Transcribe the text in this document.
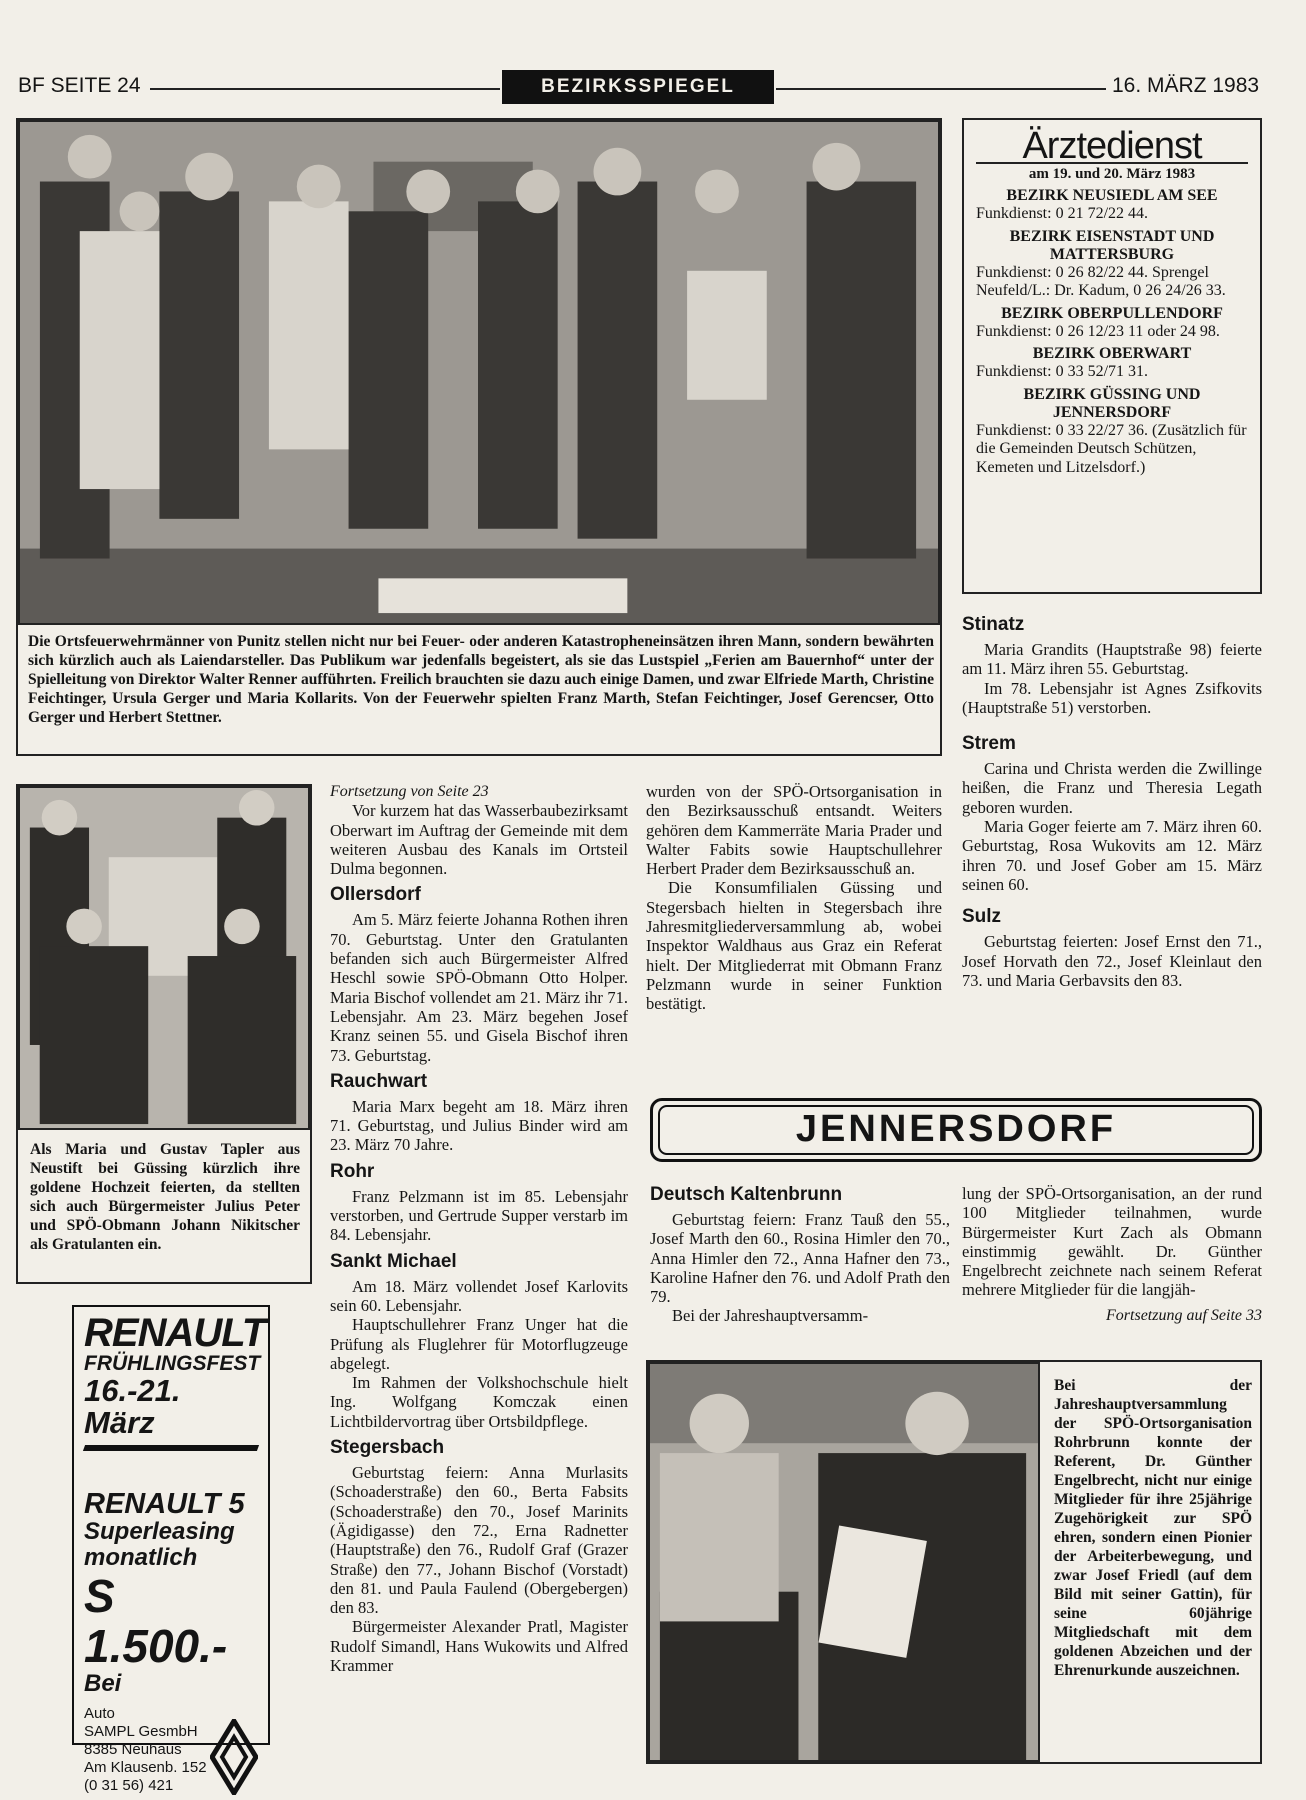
BF SEITE 24	BEZIRKSSPIEGEL	16. MÄRZ 1983
Die Ortsfeuerwehrmänner von Punitz stellen nicht nur bei Feuer- oder anderen Katastropheneinsätzen ihren Mann, sondern bewährten sich kürzlich auch als Laiendarsteller. Das Publikum war jedenfalls begeistert, als sie das Lustspiel „Ferien am Bauernhof“ unter der Spielleitung von Direktor Walter Renner aufführten. Freilich brauchten sie dazu auch einige Damen, und zwar Elfriede Marth, Christine Feichtinger, Ursula Gerger und Maria Kollarits. Von der Feuerwehr spielten Franz Marth, Stefan Feichtinger, Josef Gerencser, Otto Gerger und Herbert Stettner.
Ärztedienst
am 19. und 20. März 1983
BEZIRK NEUSIEDL AM SEE
Funkdienst: 0 21 72/22 44.
BEZIRK EISENSTADT UND MATTERSBURG
Funkdienst: 0 26 82/22 44. Sprengel Neufeld/L.: Dr. Kadum, 0 26 24/26 33.
BEZIRK OBERPULLENDORF
Funkdienst: 0 26 12/23 11 oder 24 98.
BEZIRK OBERWART
Funkdienst: 0 33 52/71 31.
BEZIRK GÜSSING UND JENNERSDORF
Funkdienst: 0 33 22/27 36. (Zusätzlich für die Gemeinden Deutsch Schützen, Kemeten und Litzelsdorf.)
Stinatz

Maria Grandits (Hauptstraße 98) feierte am 11. März ihren 55. Geburtstag.

Im 78. Lebensjahr ist Agnes Zsifkovits (Hauptstraße 51) verstorben.

Strem

Carina und Christa werden die Zwillinge heißen, die Franz und Theresia Legath geboren wurden.

Maria Goger feierte am 7. März ihren 60. Geburtstag, Rosa Wukovits am 12. März ihren 70. und Josef Gober am 15. März seinen 60.

Sulz

Geburtstag feierten: Josef Ernst den 71., Josef Horvath den 72., Josef Kleinlaut den 73. und Maria Gerbavsits den 83.

Als Maria und Gustav Tapler aus Neustift bei Güssing kürzlich ihre goldene Hochzeit feierten, da stellten sich auch Bürgermeister Julius Peter und SPÖ-Obmann Johann Nikitscher als Gratulanten ein.
RENAULT
FRÜHLINGSFEST
16.-21. März
RENAULT 5
Superleasing
monatlich
S 1.500.-
Bei
Auto
SAMPL GesmbH
8385 Neuhaus
Am Klausenb. 152
(0 31 56) 421

Fortsetzung von Seite 23

Vor kurzem hat das Wasserbaubezirksamt Oberwart im Auftrag der Gemeinde mit dem weiteren Ausbau des Kanals im Ortsteil Dulma begonnen.

Ollersdorf

Am 5. März feierte Johanna Rothen ihren 70. Geburtstag. Unter den Gratulanten befanden sich auch Bürgermeister Alfred Heschl sowie SPÖ-Obmann Otto Holper. Maria Bischof vollendet am 21. März ihr 71. Lebensjahr. Am 23. März begehen Josef Kranz seinen 55. und Gisela Bischof ihren 73. Geburtstag.

Rauchwart

Maria Marx begeht am 18. März ihren 71. Geburtstag, und Julius Binder wird am 23. März 70 Jahre.

Rohr

Franz Pelzmann ist im 85. Lebensjahr verstorben, und Gertrude Supper verstarb im 84. Lebensjahr.

Sankt Michael

Am 18. März vollendet Josef Karlovits sein 60. Lebensjahr.

Hauptschullehrer Franz Unger hat die Prüfung als Fluglehrer für Motorflugzeuge abgelegt.

Im Rahmen der Volkshochschule hielt Ing. Wolfgang Komczak einen Lichtbildervortrag über Ortsbildpflege.

Stegersbach

Geburtstag feiern: Anna Murlasits (Schoaderstraße) den 60., Berta Fabsits (Schoaderstraße) den 70., Josef Marinits (Ägidigasse) den 72., Erna Radnetter (Hauptstraße) den 76., Rudolf Graf (Grazer Straße) den 77., Johann Bischof (Vorstadt) den 81. und Paula Faulend (Obergebergen) den 83.

Bürgermeister Alexander Pratl, Magister Rudolf Simandl, Hans Wukowits und Alfred Krammer

wurden von der SPÖ-Ortsorganisation in den Bezirksausschuß entsandt. Weiters gehören dem Kammerräte Maria Prader und Walter Fabits sowie Hauptschullehrer Herbert Prader dem Bezirksausschuß an.

Die Konsumfilialen Güssing und Stegersbach hielten in Stegersbach ihre Jahresmitgliederversammlung ab, wobei Inspektor Waldhaus aus Graz ein Referat hielt. Der Mitgliederrat mit Obmann Franz Pelzmann wurde in seiner Funktion bestätigt.

JENNERSDORF
Deutsch Kaltenbrunn

Geburtstag feiern: Franz Tauß den 55., Josef Marth den 60., Rosina Himler den 70., Anna Himler den 72., Anna Hafner den 73., Karoline Hafner den 76. und Adolf Prath den 79.

Bei der Jahreshauptversamm-

lung der SPÖ-Ortsorganisation, an der rund 100 Mitglieder teilnahmen, wurde Bürgermeister Kurt Zach als Obmann einstimmig gewählt. Dr. Günther Engelbrecht zeichnete nach seinem Referat mehrere Mitglieder für die langjäh-

Fortsetzung auf Seite 33

Bei der Jahreshauptversammlung der SPÖ-Ortsorganisation Rohrbrunn konnte der Referent, Dr. Günther Engelbrecht, nicht nur einige Mitglieder für ihre 25jährige Zugehörigkeit zur SPÖ ehren, sondern einen Pionier der Arbeiterbewegung, und zwar Josef Friedl (auf dem Bild mit seiner Gattin), für seine 60jährige Mitgliedschaft mit dem goldenen Abzeichen und der Ehrenurkunde auszeichnen.
